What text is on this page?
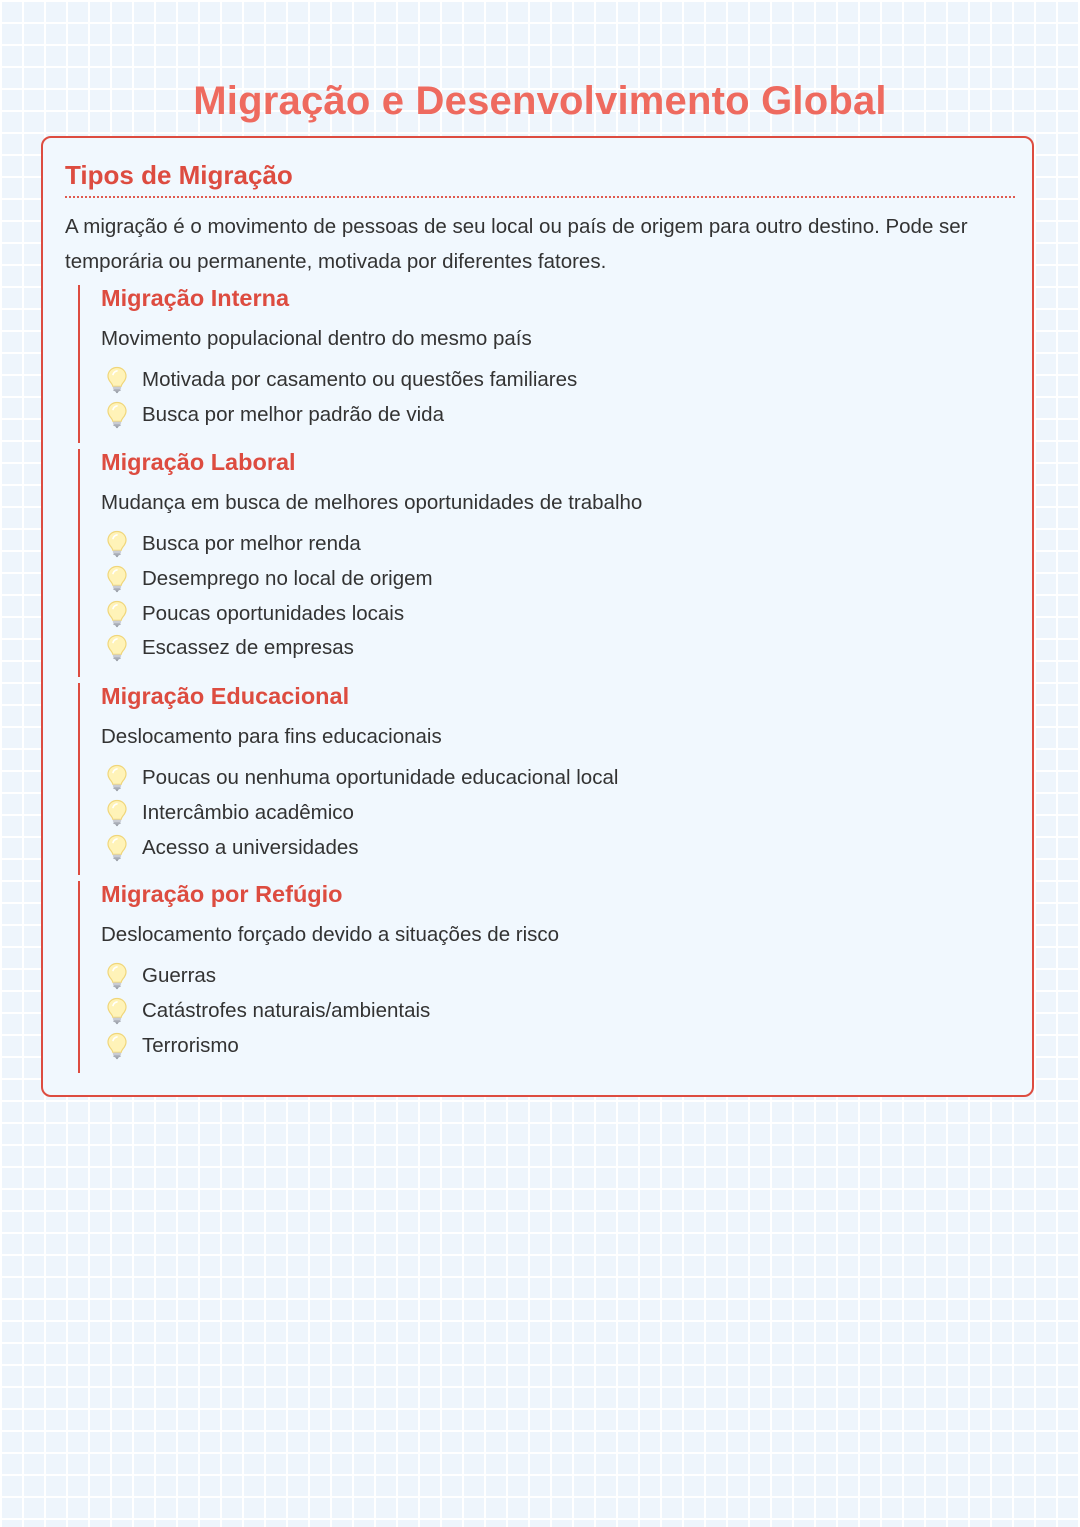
Migração e Desenvolvimento Global
Tipos de Migração

A migração é o movimento de pessoas de seu local ou país de origem para outro destino. Pode ser temporária ou permanente, motivada por diferentes fatores.

Migração Interna

Movimento populacional dentro do mesmo país

Motivada por casamento ou questões familiares
Busca por melhor padrão de vida
Migração Laboral

Mudança em busca de melhores oportunidades de trabalho

Busca por melhor renda
Desemprego no local de origem
Poucas oportunidades locais
Escassez de empresas
Migração Educacional

Deslocamento para fins educacionais

Poucas ou nenhuma oportunidade educacional local
Intercâmbio acadêmico
Acesso a universidades
Migração por Refúgio

Deslocamento forçado devido a situações de risco

Guerras
Catástrofes naturais/ambientais
Terrorismo
